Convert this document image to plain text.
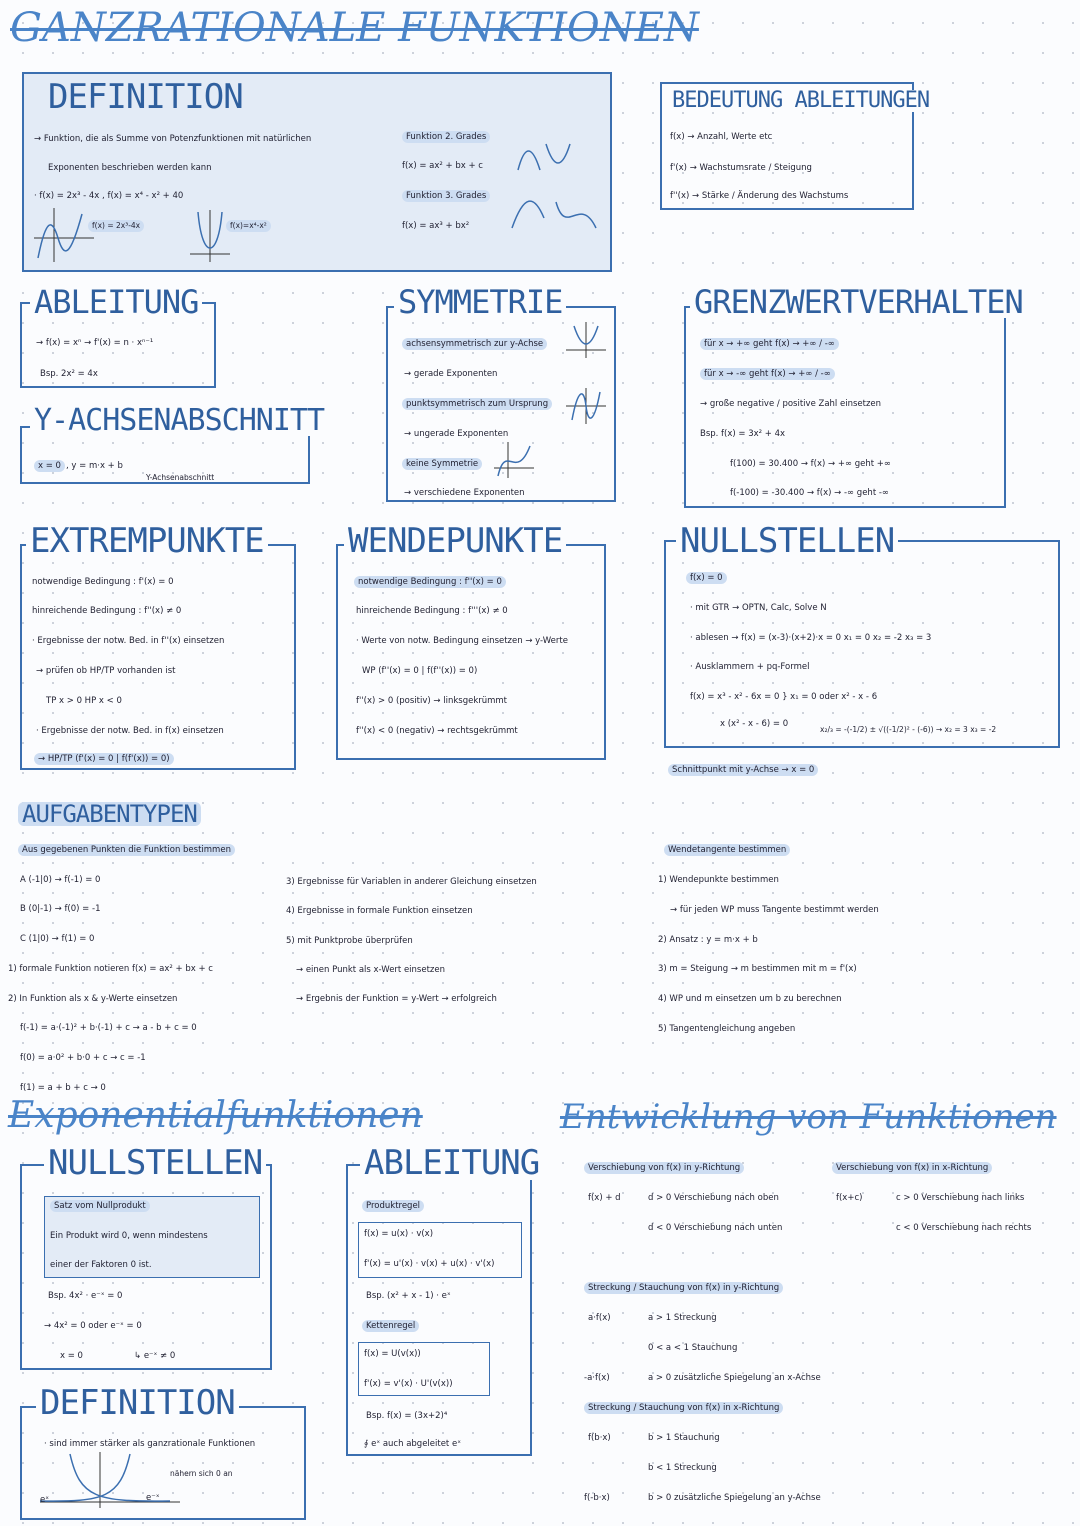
GANZRATIONALE FUNKTIONEN
DEFINITION
→ Funktion, die als Summe von Potenzfunktionen mit natürlichen
Exponenten beschrieben werden kann
· f(x) = 2x³ - 4x , f(x) = x⁴ - x² + 40
f(x) = 2x³-4x	f(x)=x⁴-x²
Funktion 2. Grades
f(x) = ax² + bx + c
Funktion 3. Grades
f(x) = ax³ + bx²
BEDEUTUNG ABLEITUNGEN
f(x) → Anzahl, Werte etc
f'(x) → Wachstumsrate / Steigung
f''(x) → Stärke / Änderung des Wachstums
ABLEITUNG
→ f(x) = xⁿ → f'(x) = n · xⁿ⁻¹
Bsp. 2x² = 4x
Y-ACHSENABSCHNITT
x = 0 , y = m·x + b
Y-Achsenabschnitt
SYMMETRIE
achsensymmetrisch zur y-Achse
→ gerade Exponenten
punktsymmetrisch zum Ursprung
→ ungerade Exponenten
keine Symmetrie
→ verschiedene Exponenten
GRENZWERTVERHALTEN
für x → +∞ geht f(x) → +∞ / -∞
für x → -∞ geht f(x) → +∞ / -∞
→ große negative / positive Zahl einsetzen
Bsp. f(x) = 3x² + 4x
f(100) = 30.400 → f(x) → +∞ geht +∞
f(-100) = -30.400 → f(x) → -∞ geht -∞
EXTREMPUNKTE
notwendige Bedingung : f'(x) = 0
hinreichende Bedingung : f''(x) ≠ 0
· Ergebnisse der notw. Bed. in f''(x) einsetzen
→ prüfen ob HP/TP vorhanden ist
TP x > 0 HP x < 0
· Ergebnisse der notw. Bed. in f(x) einsetzen
→ HP/TP (f'(x) = 0 | f(f'(x)) = 0)
WENDEPUNKTE
notwendige Bedingung : f''(x) = 0
hinreichende Bedingung : f'''(x) ≠ 0
· Werte von notw. Bedingung einsetzen → y-Werte
WP (f''(x) = 0 | f(f''(x)) = 0)
f''(x) > 0 (positiv) → linksgekrümmt
f''(x) < 0 (negativ) → rechtsgekrümmt
NULLSTELLEN
f(x) = 0
· mit GTR → OPTN, Calc, Solve N
· ablesen → f(x) = (x-3)·(x+2)·x = 0 x₁ = 0 x₂ = -2 x₃ = 3
· Ausklammern + pq-Formel
f(x) = x³ - x² - 6x = 0 } x₁ = 0 oder x² - x - 6
x (x² - x - 6) = 0
x₂/₃ = -(-1/2) ± √((-1/2)² - (-6)) → x₂ = 3 x₃ = -2
Schnittpunkt mit y-Achse → x = 0
AUFGABENTYPEN
Aus gegebenen Punkten die Funktion bestimmen
A (-1|0) → f(-1) = 0
B (0|-1) → f(0) = -1
C (1|0) → f(1) = 0
1) formale Funktion notieren f(x) = ax² + bx + c
2) In Funktion als x & y-Werte einsetzen
f(-1) = a·(-1)² + b·(-1) + c → a - b + c = 0
f(0) = a·0² + b·0 + c → c = -1
f(1) = a + b + c → 0
3) Ergebnisse für Variablen in anderer Gleichung einsetzen
4) Ergebnisse in formale Funktion einsetzen
5) mit Punktprobe überprüfen
→ einen Punkt als x-Wert einsetzen
→ Ergebnis der Funktion = y-Wert → erfolgreich
Wendetangente bestimmen
1) Wendepunkte bestimmen
→ für jeden WP muss Tangente bestimmt werden
2) Ansatz : y = m·x + b
3) m = Steigung → m bestimmen mit m = f'(x)
4) WP und m einsetzen um b zu berechnen
5) Tangentengleichung angeben
Exponentialfunktionen
NULLSTELLEN
Satz vom Nullprodukt
Ein Produkt wird 0, wenn mindestens
einer der Faktoren 0 ist.
Bsp. 4x² · e⁻ˣ = 0
→ 4x² = 0 oder e⁻ˣ = 0
x = 0	↳ e⁻ˣ ≠ 0
ABLEITUNG
Produktregel
f(x) = u(x) · v(x)
f'(x) = u'(x) · v(x) + u(x) · v'(x)
Bsp. (x² + x - 1) · eˣ
Kettenregel
f(x) = U(v(x))
f'(x) = v'(x) · U'(v(x))
Bsp. f(x) = (3x+2)⁴
∮ eˣ auch abgeleitet eˣ
DEFINITION
· sind immer stärker als ganzrationale Funktionen
nähern sich 0 an
eˣ	e⁻ˣ
Entwicklung von Funktionen
Verschiebung von f(x) in y-Richtung
f(x) + d	d > 0 Verschiebung nach oben
d < 0 Verschiebung nach unten
Verschiebung von f(x) in x-Richtung
f(x+c)	c > 0 Verschiebung nach links
c < 0 Verschiebung nach rechts
Streckung / Stauchung von f(x) in y-Richtung
a·f(x)	a > 1 Streckung
0 < a < 1 Stauchung
-a·f(x)	a > 0 zusätzliche Spiegelung an x-Achse
Streckung / Stauchung von f(x) in x-Richtung
f(b·x)	b > 1 Stauchung
b < 1 Streckung
f(-b·x)	b > 0 zusätzliche Spiegelung an y-Achse
